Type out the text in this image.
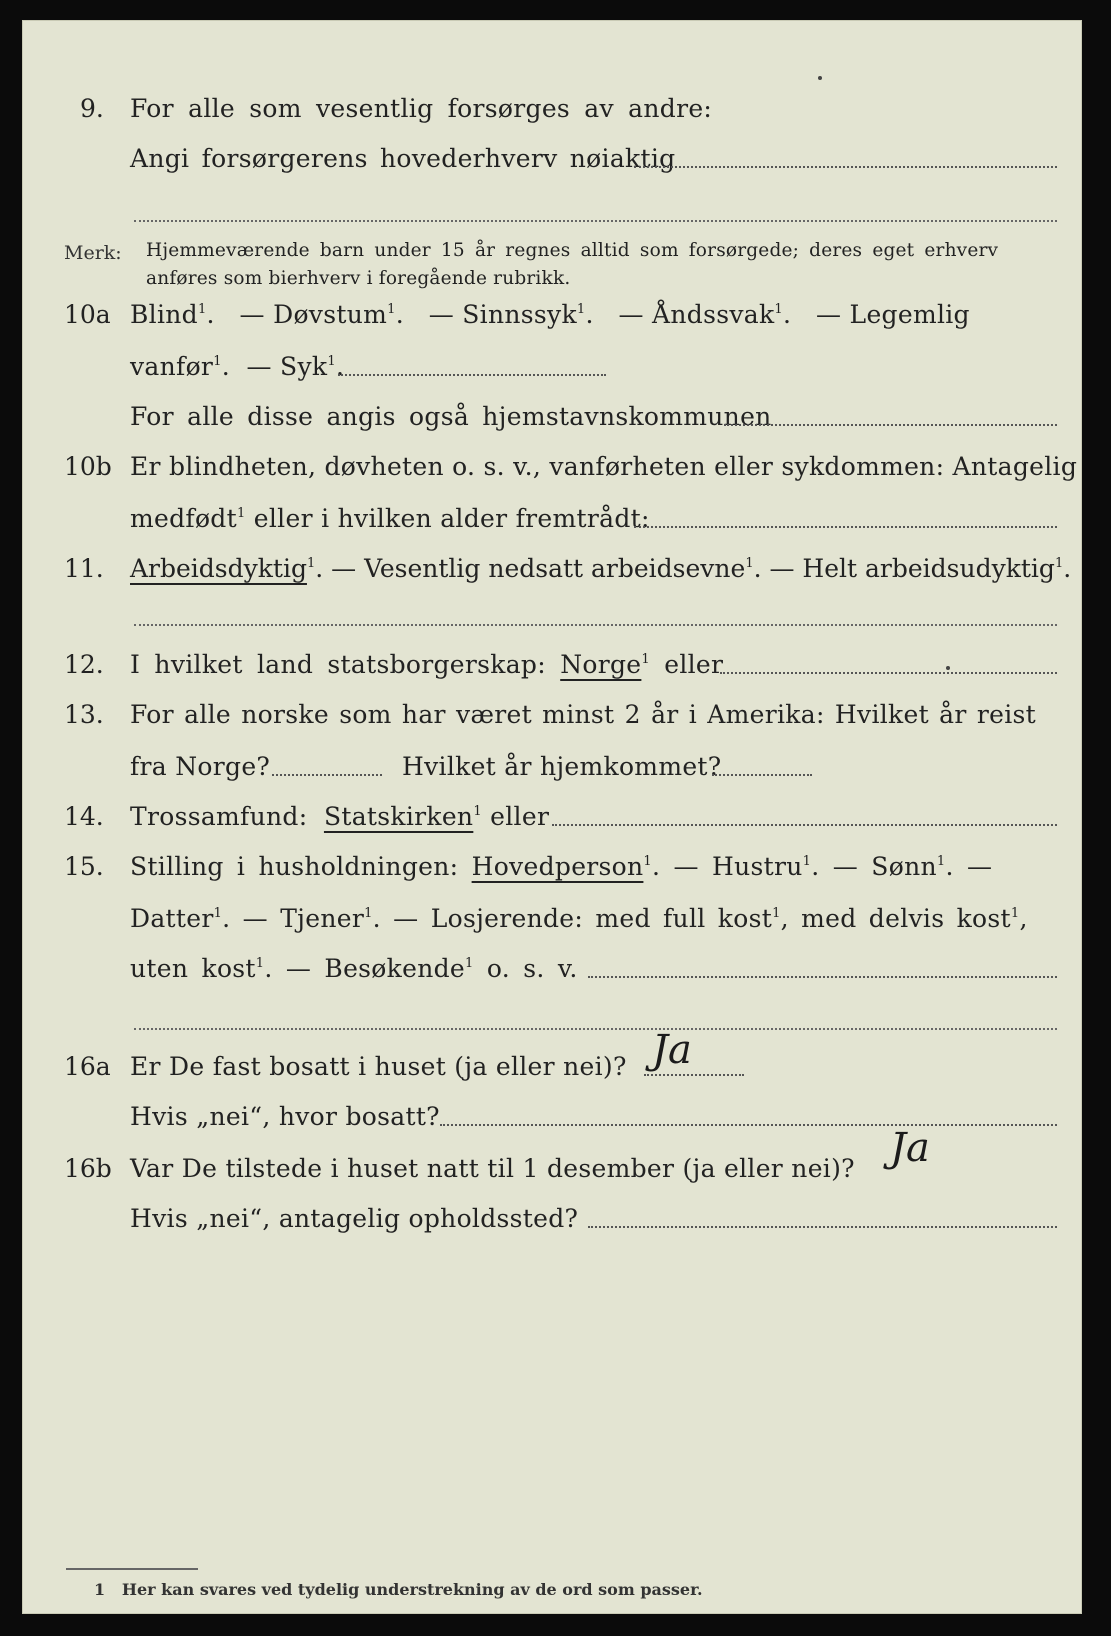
9. For alle som vesentlig forsørges av andre:
Angi forsørgerens hovederhverv nøiaktig
Merk: Hjemmeværende barn under 15 år regnes alltid som forsørgede; deres eget erhverv
anføres som bierhverv i foregående rubrikk.
10a Blind$^1$.   — Døvstum$^1$.   — Sinnssyk$^1$.   — Åndssvak$^1$.   — Legemlig
vanfør$^1$.  — Syk$^1$.
For alle disse angis også hjemstavnskommunen
10b Er blindheten, døvheten o. s. v., vanførheten eller sykdommen: Antagelig
medfødt$^1$ eller i hvilken alder fremtrådt:
11. Arbeidsdyktig$^1$. — Vesentlig nedsatt arbeidsevne$^1$. — Helt arbeidsudyktig$^1$.
12. I hvilket land statsborgerskap: Norge$^1$ eller
13. For alle norske som har været minst 2 år i Amerika: Hvilket år reist
fra Norge?	Hvilket år hjemkommet?
14. Trossamfund: Statskirken$^1$ eller
15. Stilling i husholdningen: Hovedperson$^1$. — Hustru$^1$. — Sønn$^1$. —
Datter$^1$. — Tjener$^1$. — Losjerende: med full kost$^1$, med delvis kost$^1$,
uten kost$^1$. — Besøkende$^1$ o. s. v.
16a Er De fast bosatt i huset (ja eller nei)? Ja
Hvis „nei“, hvor bosatt?
16b Var De tilstede i huset natt til 1 desember (ja eller nei)? Ja
Hvis „nei“, antagelig opholdssted?
1 Her kan svares ved tydelig understrekning av de ord som passer.
